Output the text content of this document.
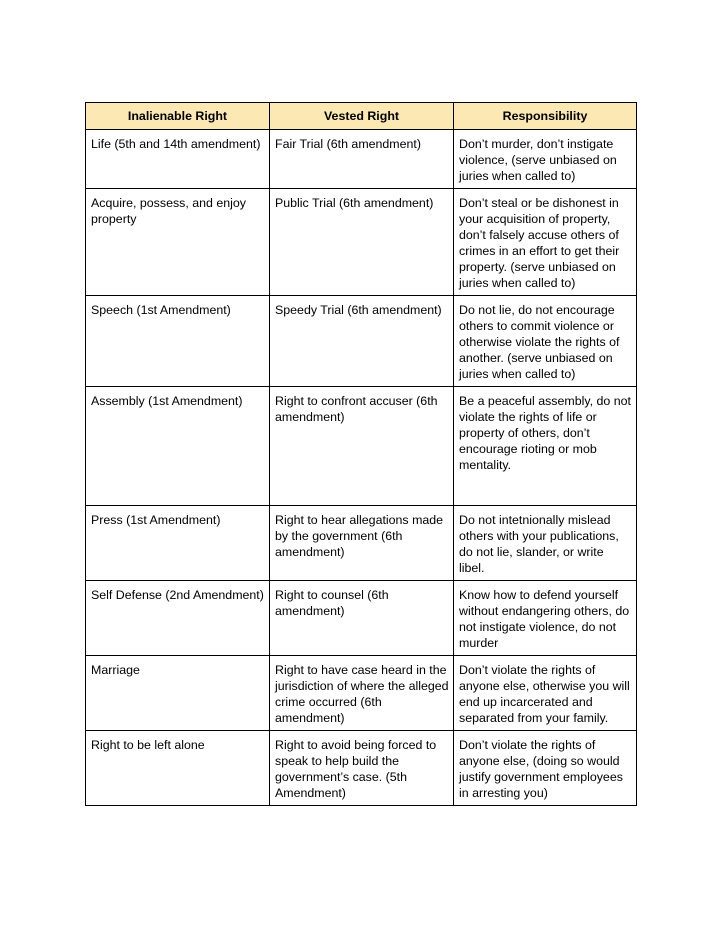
Inalienable Right	Vested Right	Responsibility
Life (5th and 14th amendment)	Fair Trial (6th amendment)	Don’t murder, don’t instigate violence, (serve unbiased on juries when called to)
Acquire, possess, and enjoy property	Public Trial (6th amendment)	Don’t steal or be dishonest in your acquisition of property, don’t falsely accuse others of crimes in an effort to get their property. (serve unbiased on juries when called to)
Speech (1st Amendment)	Speedy Trial (6th amendment)	Do not lie, do not encourage others to commit violence or otherwise violate the rights of another. (serve unbiased on juries when called to)
Assembly (1st Amendment)	Right to confront accuser (6th amendment)	Be a peaceful assembly, do not violate the rights of life or property of others, don’t encourage rioting or mob mentality.
Press (1st Amendment)	Right to hear allegations made by the government (6th amendment)	Do not intetnionally mislead others with your publications, do not lie, slander, or write libel.
Self Defense (2nd Amendment)	Right to counsel (6th amendment)	Know how to defend yourself without endangering others, do not instigate violence, do not murder
Marriage	Right to have case heard in the jurisdiction of where the alleged crime occurred (6th amendment)	Don’t violate the rights of anyone else, otherwise you will end up incarcerated and separated from your family.
Right to be left alone	Right to avoid being forced to speak to help build the government’s case. (5th Amendment)	Don’t violate the rights of anyone else, (doing so would justify government employees in arresting you)
